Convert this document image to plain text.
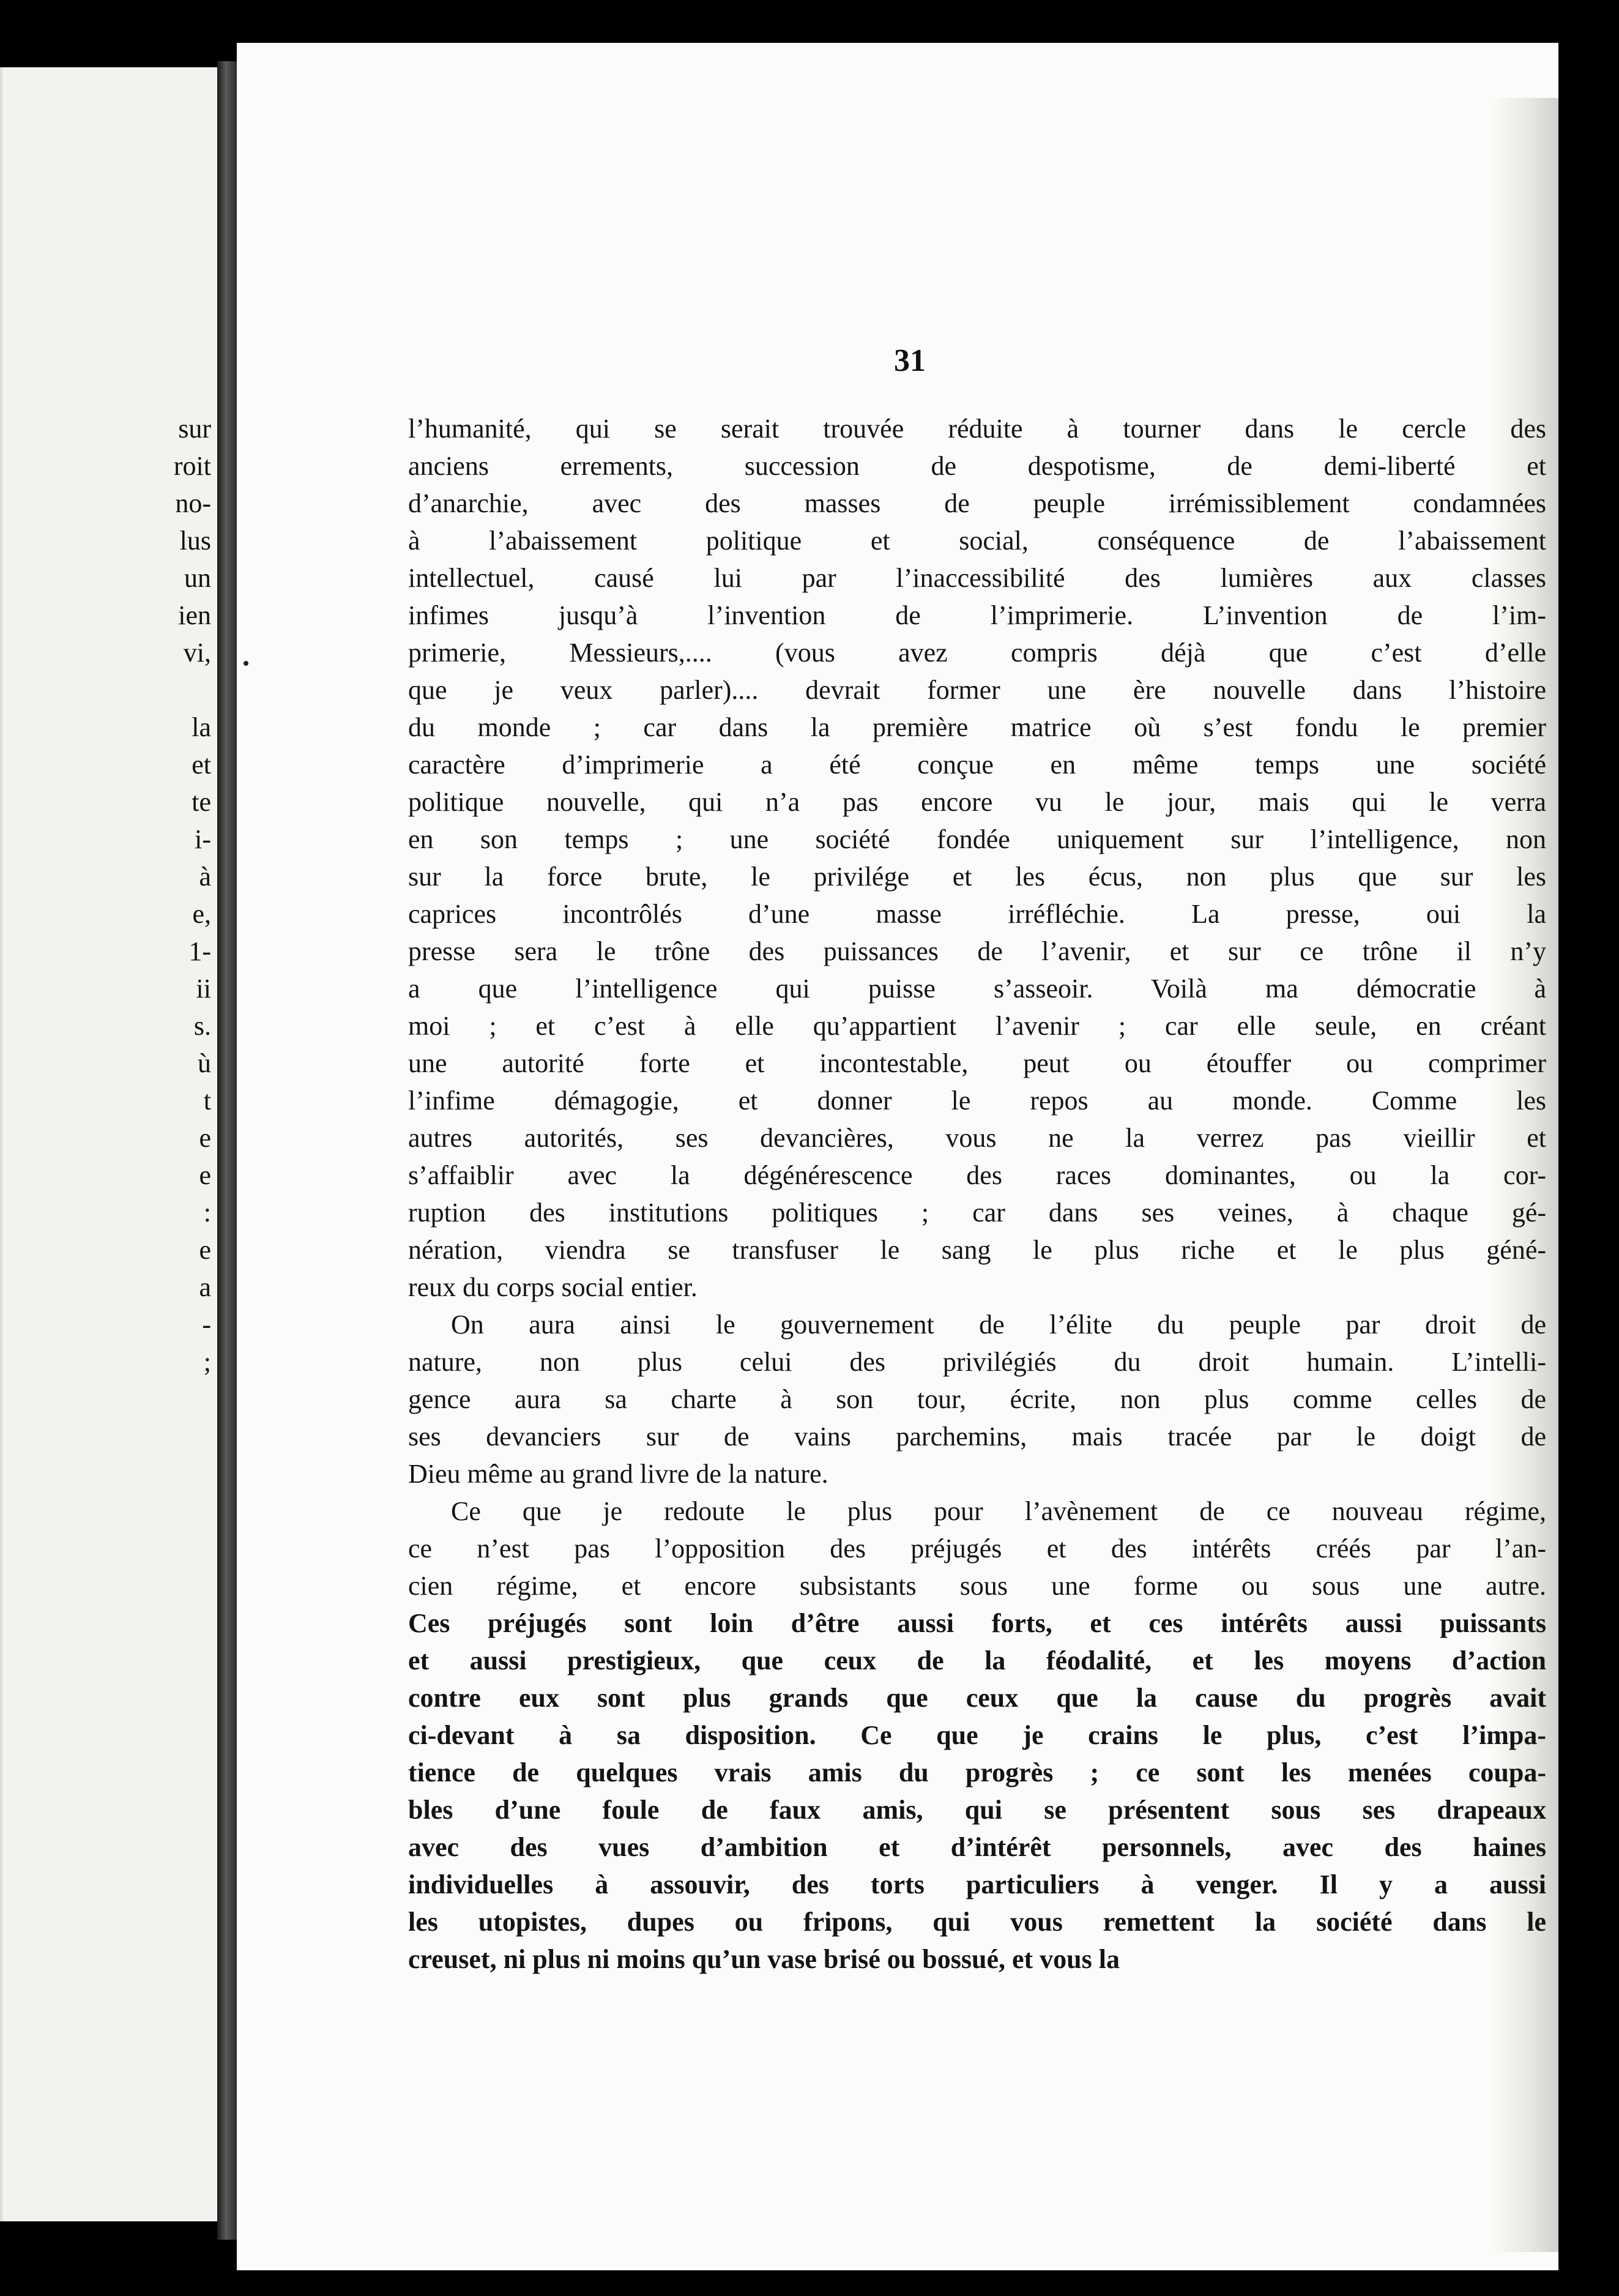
sur
roit
no-
lus
un
ien
vi,
la
et
te
i-
à
e,
1-
ii
s.
ù
t
e
e
:
e
a
-
;
31
l’humanité, qui se serait trouvée réduite à tourner dans le cercle des
anciens errements, succession de despotisme, de demi-liberté et
d’anarchie, avec des masses de peuple irrémissiblement condamnées
à l’abaissement politique et social, conséquence de l’abaissement
intellectuel, causé lui par l’inaccessibilité des lumières aux classes
infimes jusqu’à l’invention de l’imprimerie. L’invention de l’im-
primerie, Messieurs,.... (vous avez compris déjà que c’est d’elle
que je veux parler).... devrait former une ère nouvelle dans l’histoire
du monde ; car dans la première matrice où s’est fondu le premier
caractère d’imprimerie a été conçue en même temps une société
politique nouvelle, qui n’a pas encore vu le jour, mais qui le verra
en son temps ; une société fondée uniquement sur l’intelligence, non
sur la force brute, le privilége et les écus, non plus que sur les
caprices incontrôlés d’une masse irréfléchie. La presse, oui la
presse sera le trône des puissances de l’avenir, et sur ce trône il n’y
a que l’intelligence qui puisse s’asseoir. Voilà ma démocratie à
moi ; et c’est à elle qu’appartient l’avenir ; car elle seule, en créant
une autorité forte et incontestable, peut ou étouffer ou comprimer
l’infime démagogie, et donner le repos au monde. Comme les
autres autorités, ses devancières, vous ne la verrez pas vieillir et
s’affaiblir avec la dégénérescence des races dominantes, ou la cor-
ruption des institutions politiques ; car dans ses veines, à chaque gé-
nération, viendra se transfuser le sang le plus riche et le plus géné-
reux du corps social entier.
On aura ainsi le gouvernement de l’élite du peuple par droit de
nature, non plus celui des privilégiés du droit humain. L’intelli-
gence aura sa charte à son tour, écrite, non plus comme celles de
ses devanciers sur de vains parchemins, mais tracée par le doigt de
Dieu même au grand livre de la nature.
Ce que je redoute le plus pour l’avènement de ce nouveau régime,
ce n’est pas l’opposition des préjugés et des intérêts créés par l’an-
cien régime, et encore subsistants sous une forme ou sous une autre.
Ces préjugés sont loin d’être aussi forts, et ces intérêts aussi puissants
et aussi prestigieux, que ceux de la féodalité, et les moyens d’action
contre eux sont plus grands que ceux que la cause du progrès avait
ci-devant à sa disposition. Ce que je crains le plus, c’est l’impa-
tience de quelques vrais amis du progrès ; ce sont les menées coupa-
bles d’une foule de faux amis, qui se présentent sous ses drapeaux
avec des vues d’ambition et d’intérêt personnels, avec des haines
individuelles à assouvir, des torts particuliers à venger. Il y a aussi
les utopistes, dupes ou fripons, qui vous remettent la société dans le
creuset, ni plus ni moins qu’un vase brisé ou bossué, et vous la
